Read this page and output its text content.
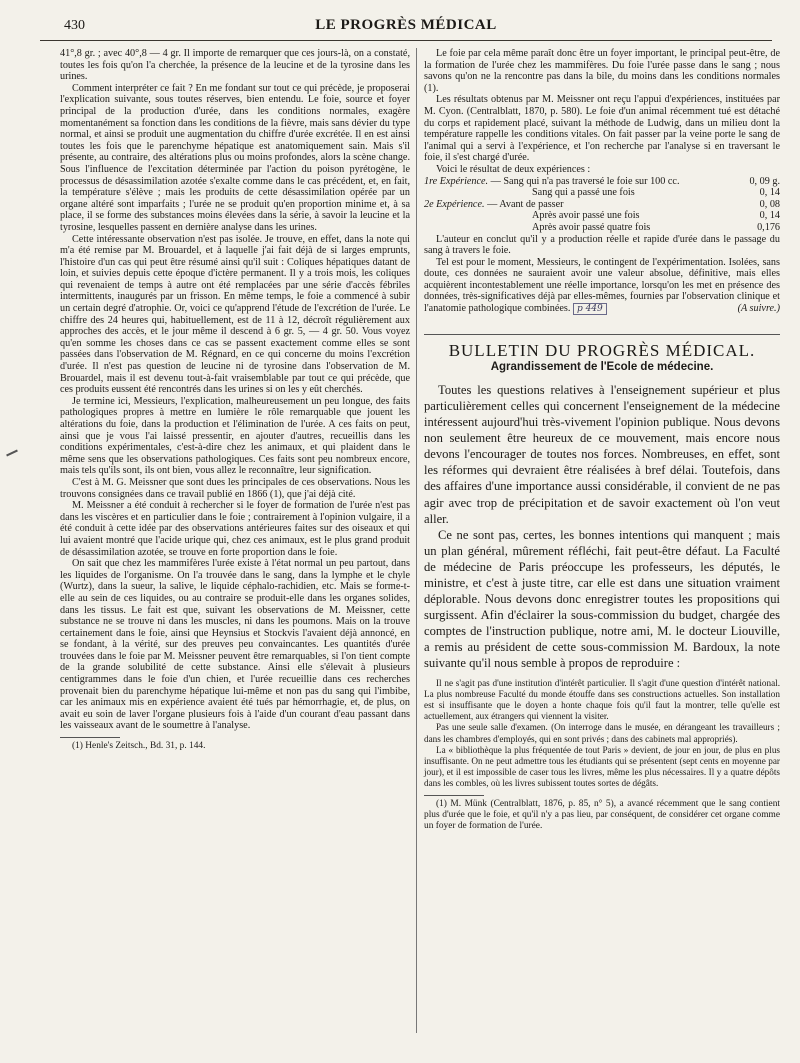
430	LE PROGRÈS MÉDICAL

41°,8 gr. ; avec 40°,8 — 4 gr. Il importe de remarquer que ces jours-là, on a constaté, toutes les fois qu'on l'a cherchée, la présence de la leucine et de la tyrosine dans les urines.

Comment interpréter ce fait ? En me fondant sur tout ce qui précède, je proposerai l'explication suivante, sous toutes réserves, bien entendu. Le foie, source et foyer principal de la production d'urée, dans les conditions normales, exagère momentanément sa fonction dans les conditions de la fièvre, mais sans dévier du type normal, et ainsi se produit une augmentation du chiffre d'urée excrétée. Il en est ainsi toutes les fois que le parenchyme hépatique est anatomiquement sain. Mais s'il présente, au contraire, des altérations plus ou moins profondes, alors la scène change. Sous l'influence de l'excitation déterminée par l'action du poison pyrétogène, le processus de désassimilation azotée s'exalte comme dans le cas précédent, et, en fait, la température s'élève ; mais les produits de cette désassimilation opérée par un organe altéré sont imparfaits ; l'urée ne se produit qu'en proportion minime et, à sa place, il se forme des substances moins élevées dans la série, à savoir la leucine et la tyrosine, lesquelles passent en dernière analyse dans les urines.

Cette intéressante observation n'est pas isolée. Je trouve, en effet, dans la note qui m'a été remise par M. Brouardel, et à laquelle j'ai fait déjà de si larges emprunts, l'histoire d'un cas qui peut être résumé ainsi qu'il suit : Coliques hépatiques datant de loin, et suivies depuis cette époque d'ictère permanent. Il y a trois mois, les coliques qui revenaient de temps à autre ont été remplacées par une série d'accès fébriles intermittents, inaugurés par un frisson. En même temps, le foie a commencé à subir un certain degré d'atrophie. Or, voici ce qu'apprend l'étude de l'excrétion de l'urée. Le chiffre des 24 heures qui, habituellement, est de 11 à 12, décroît régulièrement aux approches des accès, et le jour même il descend à 6 gr. 5, — 4 gr. 50. Vous voyez qu'en somme les choses dans ce cas se passent exactement comme elles se sont passées dans l'observation de M. Régnard, en ce qui concerne du moins l'excrétion d'urée. Il n'est pas question de leucine ni de tyrosine dans l'observation de M. Brouardel, mais il est devenu tout-à-fait vraisemblable par tout ce qui précède, que ces produits eussent été rencontrés dans les urines si on les y eût cherchés.

Je termine ici, Messieurs, l'explication, malheureusement un peu longue, des faits pathologiques propres à mettre en lumière le rôle remarquable que jouent les altérations du foie, dans la production et l'élimination de l'urée. A ces faits on peut, ainsi que je vous l'ai laissé pressentir, en ajouter d'autres, recueillis dans les conditions expérimentales, c'est-à-dire chez les animaux, et qui plaident dans le même sens que les observations pathologiques. Ces faits sont peu nombreux encore, mais tels qu'ils sont, ils ont bien, vous allez le reconnaître, leur signification.

C'est à M. G. Meissner que sont dues les principales de ces observations. Nous les trouvons consignées dans ce travail publié en 1866 (1), que j'ai déjà cité.

M. Meissner a été conduit à rechercher si le foyer de formation de l'urée n'est pas dans les viscères et en particulier dans le foie ; contrairement à l'opinion vulgaire, il a été conduit à cette idée par des observations antérieures faites sur des oiseaux et qui lui avaient montré que l'acide urique qui, chez ces animaux, est le plus grand produit de désassimilation azotée, se trouve en forte proportion dans le foie.

On sait que chez les mammifères l'urée existe à l'état normal un peu partout, dans les liquides de l'organisme. On l'a trouvée dans le sang, dans la lymphe et le chyle (Wurtz), dans la sueur, la salive, le liquide céphalo-rachidien, etc. Mais se forme-t-elle au sein de ces liquides, ou au contraire se produit-elle dans les organes solides, dans les tissus. Le fait est que, suivant les observations de M. Meissner, cette substance ne se trouve ni dans les muscles, ni dans les poumons. Mais on la trouve certainement dans le foie, ainsi que Heynsius et Stockvis l'avaient déjà annoncé, en se fondant, à la vérité, sur des preuves peu convaincantes. Les quantités d'urée trouvées dans le foie par M. Meissner peuvent être remarquables, si l'on tient compte de la grande solubilité de cette substance. Ainsi elle s'élevait à plusieurs centigrammes dans le foie d'un chien, et l'urée recueillie dans ces recherches provenait bien du parenchyme hépatique lui-même et non pas du sang qui l'imbibe, car les animaux mis en expérience avaient été tués par hémorrhagie, et, de plus, on avait eu soin de laver l'organe plusieurs fois à l'aide d'un courant d'eau passant dans les vaisseaux avant de le soumettre à l'analyse.

(1) Henle's Zeitsch., Bd. 31, p. 144.

Le foie par cela même paraît donc être un foyer important, le principal peut-être, de la formation de l'urée chez les mammifères. Du foie l'urée passe dans le sang ; nous savons qu'on ne la rencontre pas dans la bile, du moins dans les conditions normales (1).

Les résultats obtenus par M. Meissner ont reçu l'appui d'expériences, instituées par M. Cyon. (Centralblatt, 1870, p. 580). Le foie d'un animal récemment tué est détaché du corps et rapidement placé, suivant la méthode de Ludwig, dans un milieu dont la température rappelle les conditions vitales. On fait passer par la veine porte le sang de l'animal qui a servi à l'expérience, et l'on recherche par l'analyse si en traversant le foie, il s'est chargé d'urée.

Voici le résultat de deux expériences :

1re Expérience. — Sang qui n'a pas traversé le foie sur 100 cc.	0, 09 g.
Sang qui a passé une fois	0, 14
2e Expérience. — Avant de passer	0, 08
Après avoir passé une fois	0, 14
Après avoir passé quatre fois	0,176

L'auteur en conclut qu'il y a production réelle et rapide d'urée dans le passage du sang à travers le foie.

Tel est pour le moment, Messieurs, le contingent de l'expérimentation. Isolées, sans doute, ces données ne sauraient avoir une valeur absolue, définitive, mais elles acquièrent incontestablement une réelle importance, lorsqu'on les met en présence des données, très-significatives déjà par elles-mêmes, fournies par l'observation clinique et l'anatomie pathologique combinées. p 449	(A suivre.)

BULLETIN DU PROGRÈS MÉDICAL.
Agrandissement de l'Ecole de médecine.

Toutes les questions relatives à l'enseignement supérieur et plus particulièrement celles qui concernent l'enseignement de la médecine intéressent aujourd'hui très-vivement l'opinion publique. Nous devons non seulement être heureux de ce mouvement, mais encore nous devons l'encourager de toutes nos forces. Nombreuses, en effet, sont les réformes qui devraient être réalisées à bref délai. Toutefois, dans des affaires d'une importance aussi considérable, il convient de ne pas agir avec trop de précipitation et de savoir exactement où l'on veut aller.

Ce ne sont pas, certes, les bonnes intentions qui manquent ; mais un plan général, mûrement réfléchi, fait peut-être défaut. La Faculté de médecine de Paris préoccupe les professeurs, les députés, le ministre, et c'est à juste titre, car elle est dans une situation vraiment déplorable. Nous devons donc enregistrer toutes les propositions qui surgissent. Afin d'éclairer la sous-commission du budget, chargée des comptes de l'instruction publique, notre ami, M. le docteur Liouville, a remis au président de cette sous-commission M. Bardoux, la note suivante qu'il nous semble à propos de reproduire :

Il ne s'agit pas d'une institution d'intérêt particulier. Il s'agit d'une question d'intérêt national. La plus nombreuse Faculté du monde étouffe dans ses constructions actuelles. Son installation est si insuffisante que le doyen a honte chaque fois qu'il faut la montrer, telle qu'elle est actuellement, aux étrangers qui viennent la visiter.

Pas une seule salle d'examen. (On interroge dans le musée, en dérangeant les travailleurs ; dans les chambres d'employés, qui en sont privés ; dans des cabinets mal appropriés).

La « bibliothèque la plus fréquentée de tout Paris » devient, de jour en jour, de plus en plus insuffisante. On ne peut admettre tous les étudiants qui se présentent (sept cents en moyenne par jour), et il est impossible de caser tous les livres, même les plus nécessaires. Il y a quatre dépôts dans les combles, où les livres subissent toutes sortes de dégâts.

(1) M. Münk (Centralblatt, 1876, p. 85, n° 5), a avancé récemment que le sang contient plus d'urée que le foie, et qu'il n'y a pas lieu, par conséquent, de considérer cet organe comme un foyer de formation de l'urée.
